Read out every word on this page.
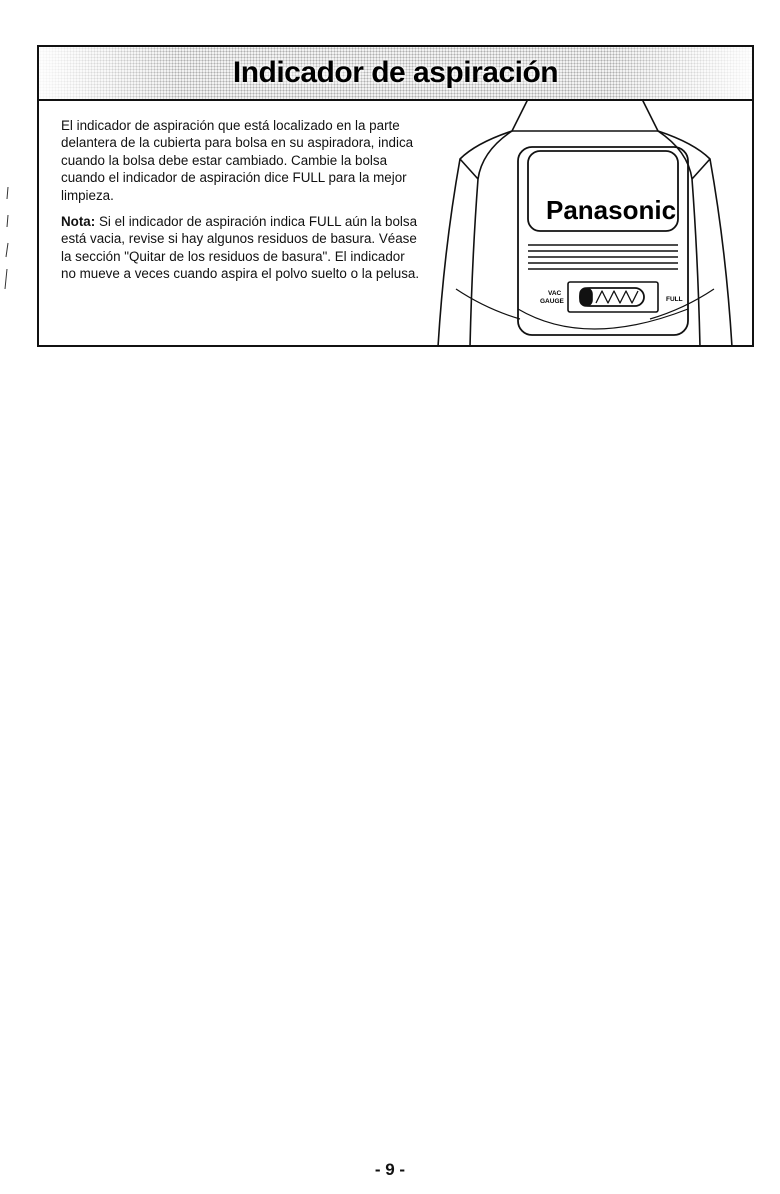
Indicador de aspiración

El indicador de aspiración que está localizado en la parte delantera de la cubierta para bolsa en su aspiradora, indica cuando la bolsa debe estar cambiado. Cambie la bolsa cuando el indicador de aspiración dice FULL para la mejor limpieza.

Nota: Si el indicador de aspiración indica FULL aún la bolsa está vacia, revise si hay algunos residuos de basura. Véase la sección "Quitar de los residuos de basura". El indicador no mueve a veces cuando aspira el polvo suelto o la pelusa.

Panasonic
VAC
GAUGE	FULL
- 9 -
